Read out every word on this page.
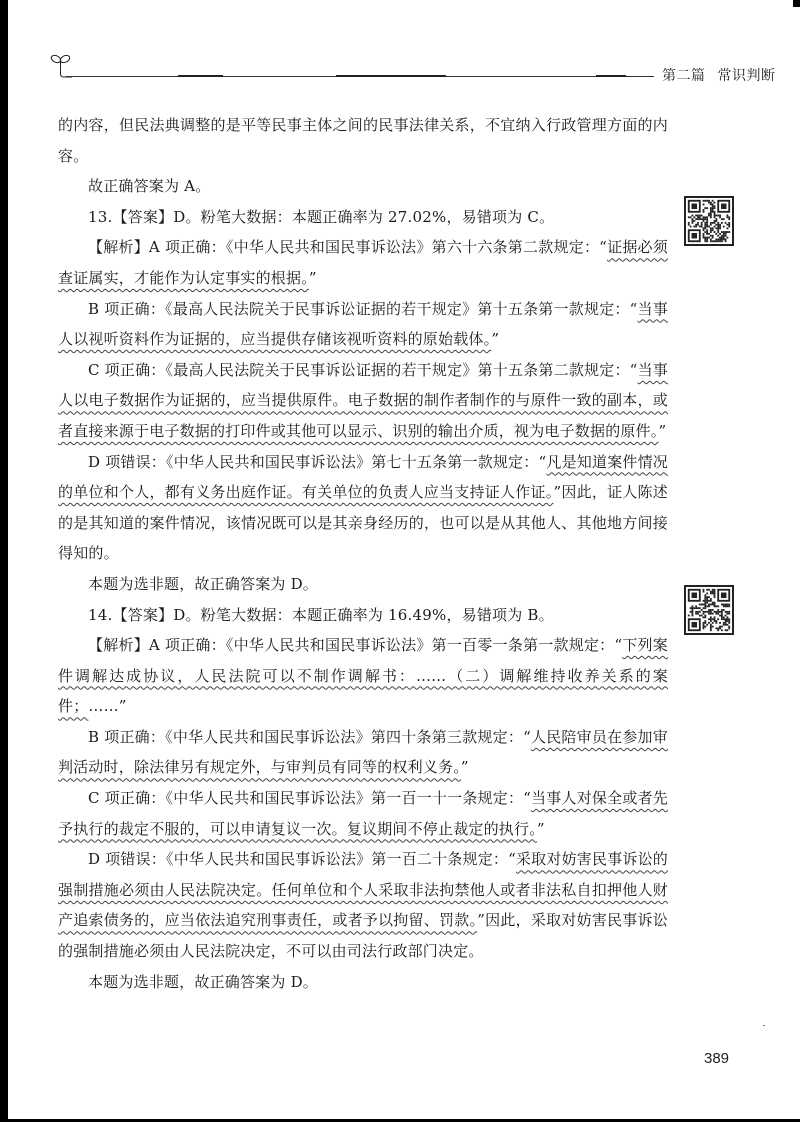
第二篇 常识判断

的内容，但民法典调整的是平等民事主体之间的民事法律关系，不宜纳入行政管理方面的内容。

故正确答案为 A。

13.【答案】D。粉笔大数据：本题正确率为 27.02%，易错项为 C。

【解析】A 项正确：《中华人民共和国民事诉讼法》第六十六条第二款规定：“证据必须查证属实，才能作为认定事实的根据。”

B 项正确：《最高人民法院关于民事诉讼证据的若干规定》第十五条第一款规定：“当事人以视听资料作为证据的，应当提供存储该视听资料的原始载体。”

C 项正确：《最高人民法院关于民事诉讼证据的若干规定》第十五条第二款规定：“当事人以电子数据作为证据的，应当提供原件。电子数据的制作者制作的与原件一致的副本，或者直接来源于电子数据的打印件或其他可以显示、识别的输出介质，视为电子数据的原件。”

D 项错误：《中华人民共和国民事诉讼法》第七十五条第一款规定：“凡是知道案件情况的单位和个人，都有义务出庭作证。有关单位的负责人应当支持证人作证。”因此，证人陈述的是其知道的案件情况，该情况既可以是其亲身经历的，也可以是从其他人、其他地方间接得知的。

本题为选非题，故正确答案为 D。

14.【答案】D。粉笔大数据：本题正确率为 16.49%，易错项为 B。

【解析】A 项正确：《中华人民共和国民事诉讼法》第一百零一条第一款规定：“下列案件调解达成协议，人民法院可以不制作调解书：……（二）调解维持收养关系的案件；……”

B 项正确：《中华人民共和国民事诉讼法》第四十条第三款规定：“人民陪审员在参加审判活动时，除法律另有规定外，与审判员有同等的权利义务。”

C 项正确：《中华人民共和国民事诉讼法》第一百一十一条规定：“当事人对保全或者先予执行的裁定不服的，可以申请复议一次。复议期间不停止裁定的执行。”

D 项错误：《中华人民共和国民事诉讼法》第一百二十条规定：“采取对妨害民事诉讼的强制措施必须由人民法院决定。任何单位和个人采取非法拘禁他人或者非法私自扣押他人财产追索债务的，应当依法追究刑事责任，或者予以拘留、罚款。”因此，采取对妨害民事诉讼的强制措施必须由人民法院决定，不可以由司法行政部门决定。

本题为选非题，故正确答案为 D。

389
